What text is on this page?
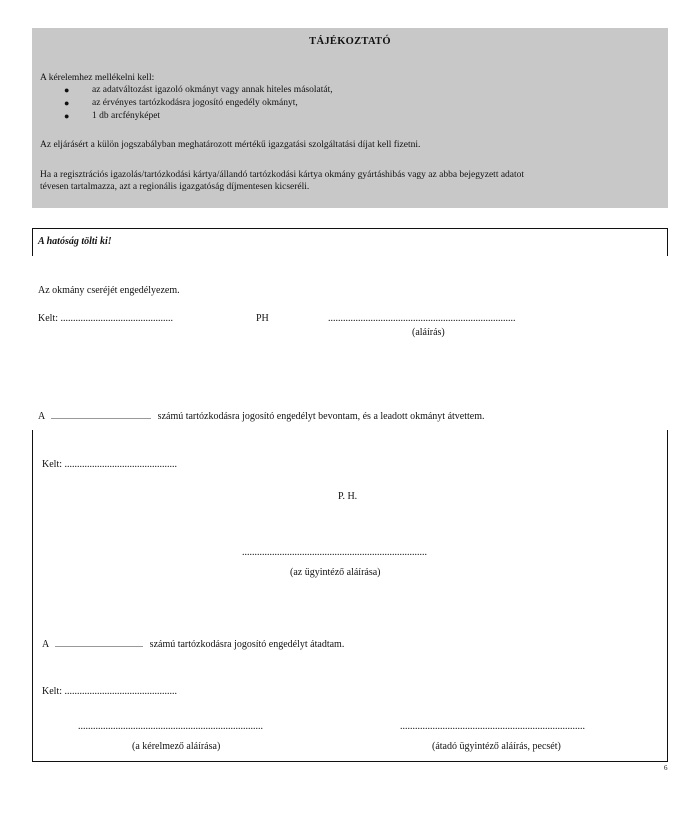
TÁJÉKOZTATÓ
A kérelemhez mellékelni kell:
● az adatváltozást igazoló okmányt vagy annak hiteles másolatát,
● az érvényes tartózkodásra jogosító engedély okmányt,
● 1 db arcfényképet
Az eljárásért a külön jogszabályban meghatározott mértékű igazgatási szolgáltatási díjat kell fizetni.
Ha a regisztrációs igazolás/tartózkodási kártya/állandó tartózkodási kártya okmány gyártáshibás vagy az abba bejegyzett adatot
tévesen tartalmazza, azt a regionális igazgatóság díjmentesen kicseréli.
A hatóság tölti ki!
Az okmány cseréjét engedélyezem.
Kelt: .............................................	PH	...........................................................................
(aláírás)
A	számú tartózkodásra jogosító engedélyt bevontam, és a leadott okmányt átvettem.
Kelt: .............................................
P. H.
..........................................................................
(az ügyintéző aláírása)
A	számú tartózkodásra jogosító engedélyt átadtam.
Kelt: .............................................
..........................................................................
(a kérelmező aláírása)
..........................................................................
(átadó ügyintéző aláírás, pecsét)
6
